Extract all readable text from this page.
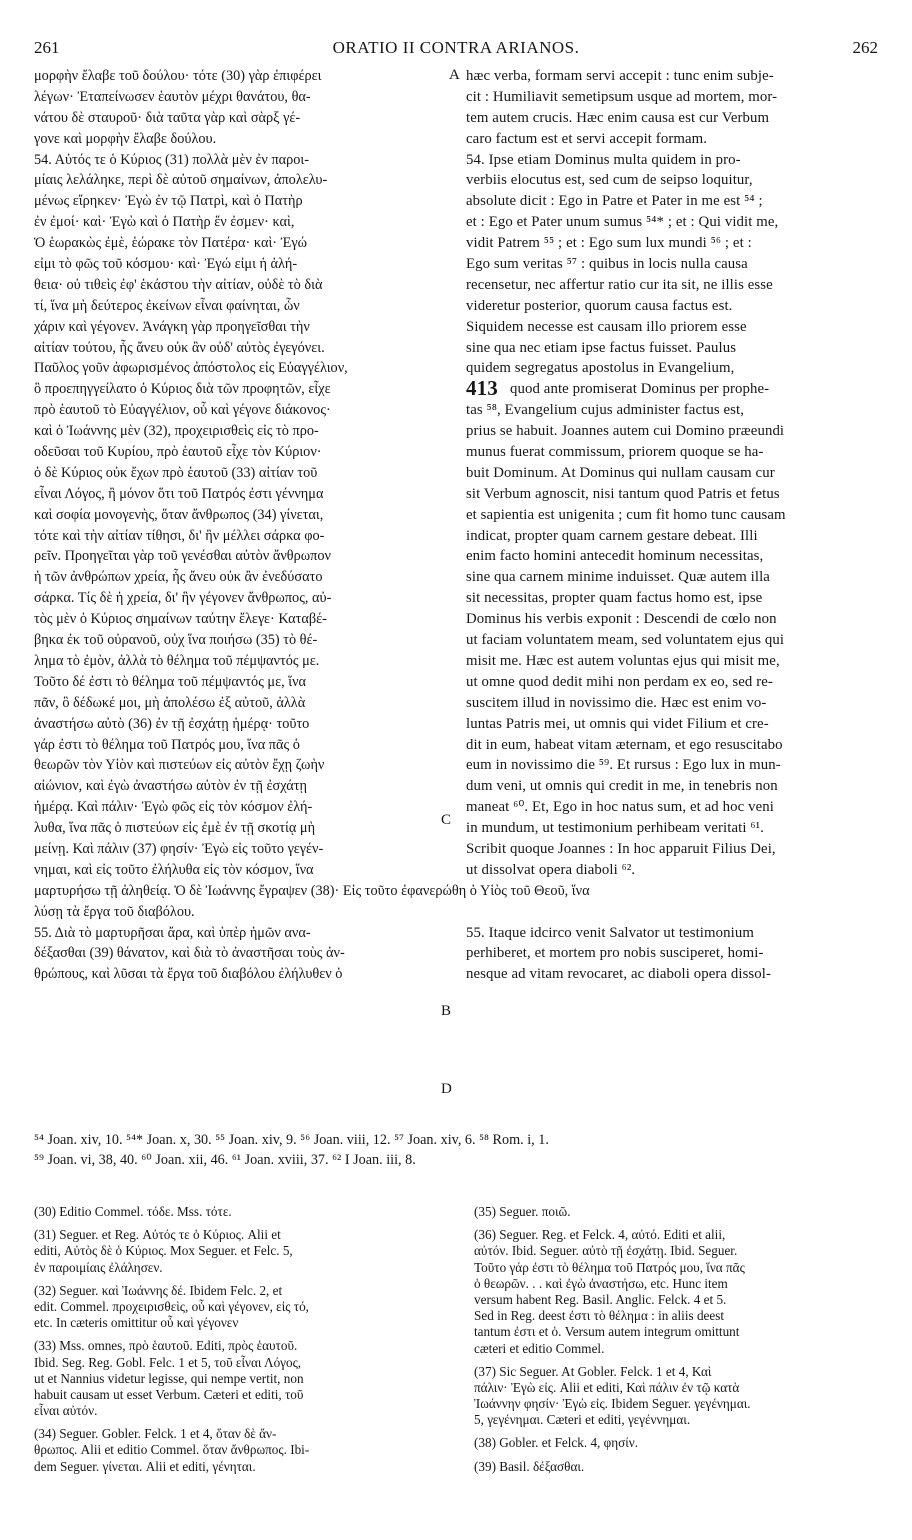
261	ORATIO II CONTRA ARIANOS.	262
μορφὴν ἔλαβε τοῦ δούλου· τότε (30) γὰρ ἐπιφέρει
λέγων· Ἐταπείνωσεν ἑαυτὸν μέχρι θανάτου, θα-
νάτου δὲ σταυροῦ· διὰ ταῦτα γὰρ καὶ σὰρξ γέ-
γονε καὶ μορφὴν ἔλαβε δούλου.
54. Αὐτός τε ὁ Κύριος (31) πολλὰ μὲν ἐν παροι-
μίαις λελάληκε, περὶ δὲ αὐτοῦ σημαίνων, ἀπολελυ-
μένως εἴρηκεν· Ἐγὼ ἐν τῷ Πατρὶ, καὶ ὁ Πατὴρ
ἐν ἐμοί· καὶ· Ἐγὼ καὶ ὁ Πατὴρ ἕν ἐσμεν· καὶ,
Ὁ ἑωρακὼς ἐμὲ, ἑώρακε τὸν Πατέρα· καὶ· Ἐγώ
εἰμι τὸ φῶς τοῦ κόσμου· καὶ· Ἐγώ εἰμι ἡ ἀλή-
θεια· οὐ τιθεὶς ἐφ' ἑκάστου τὴν αἰτίαν, οὐδὲ τὸ διὰ
τί, ἵνα μὴ δεύτερος ἐκείνων εἶναι φαίνηται, ὧν
χάριν καὶ γέγονεν. Ἀνάγκη γὰρ προηγεῖσθαι τὴν
αἰτίαν τούτου, ἧς ἄνευ οὐκ ἂν οὐδ' αὐτὸς ἐγεγόνει.
Παῦλος γοῦν ἀφωρισμένος ἀπόστολος εἰς Εὐαγγέλιον,
ὃ προεπηγγείλατο ὁ Κύριος διὰ τῶν προφητῶν, εἶχε
πρὸ ἑαυτοῦ τὸ Εὐαγγέλιον, οὗ καὶ γέγονε διάκονος·
καὶ ὁ Ἰωάννης μὲν (32), προχειρισθεὶς εἰς τὸ προ-
οδεῦσαι τοῦ Κυρίου, πρὸ ἑαυτοῦ εἶχε τὸν Κύριον·
ὁ δὲ Κύριος οὐκ ἔχων πρὸ ἑαυτοῦ (33) αἰτίαν τοῦ
εἶναι Λόγος, ἢ μόνον ὅτι τοῦ Πατρός ἐστι γέννημα
καὶ σοφία μονογενὴς, ὅταν ἄνθρωπος (34) γίνεται,
τότε καὶ τὴν αἰτίαν τίθησι, δι' ἣν μέλλει σάρκα φο-
ρεῖν. Προηγεῖται γὰρ τοῦ γενέσθαι αὐτὸν ἄνθρωπον
ἡ τῶν ἀνθρώπων χρεία, ἧς ἄνευ οὐκ ἂν ἐνεδύσατο
σάρκα. Τίς δὲ ἡ χρεία, δι' ἣν γέγονεν ἄνθρωπος, αὐ-
τὸς μὲν ὁ Κύριος σημαίνων ταύτην ἔλεγε· Καταβέ-
βηκα ἐκ τοῦ οὐρανοῦ, οὐχ ἵνα ποιήσω (35) τὸ θέ-
λημα τὸ ἐμὸν, ἀλλὰ τὸ θέλημα τοῦ πέμψαντός με.
Τοῦτο δέ ἐστι τὸ θέλημα τοῦ πέμψαντός με, ἵνα
πᾶν, ὃ δέδωκέ μοι, μὴ ἀπολέσω ἐξ αὐτοῦ, ἀλλὰ
ἀναστήσω αὐτὸ (36) ἐν τῇ ἐσχάτῃ ἡμέρᾳ· τοῦτο
γάρ ἐστι τὸ θέλημα τοῦ Πατρός μου, ἵνα πᾶς ὁ
θεωρῶν τὸν Υἱὸν καὶ πιστεύων εἰς αὐτὸν ἔχῃ ζωὴν
αἰώνιον, καὶ ἐγὼ ἀναστήσω αὐτὸν ἐν τῇ ἐσχάτῃ
ἡμέρᾳ. Καὶ πάλιν· Ἐγὼ φῶς εἰς τὸν κόσμον ἐλή-
λυθα, ἵνα πᾶς ὁ πιστεύων εἰς ἐμὲ ἐν τῇ σκοτίᾳ μὴ
μείνῃ. Καὶ πάλιν (37) φησίν· Ἐγὼ εἰς τοῦτο γεγέν-
νημαι, καὶ εἰς τοῦτο ἐλήλυθα εἰς τὸν κόσμον, ἵνα
μαρτυρήσω τῇ ἀληθείᾳ. Ὁ δὲ Ἰωάννης ἔγραψεν (38)· Εἰς τοῦτο ἐφανερώθη ὁ Υἱὸς τοῦ Θεοῦ, ἵνα
λύσῃ τὰ ἔργα τοῦ διαβόλου.
55. Διὰ τὸ μαρτυρῆσαι ἄρα, καὶ ὑπὲρ ἡμῶν ανα-
δέξασθαι (39) θάνατον, καὶ διὰ τὸ ἀναστῆσαι τοὺς ἀν-
θρώπους, καὶ λῦσαι τὰ ἔργα τοῦ διαβόλου ἐλήλυθεν ὁ
hæc verba, formam servi accepit : tunc enim subje-
cit : Humiliavit semetipsum usque ad mortem, mor-
tem autem crucis. Hæc enim causa est cur Verbum
caro factum est et servi accepit formam.
54. Ipse etiam Dominus multa quidem in pro-
verbiis elocutus est, sed cum de seipso loquitur,
absolute dicit : Ego in Patre et Pater in me est ⁵⁴ ;
et : Ego et Pater unum sumus ⁵⁴* ; et : Qui vidit me,
vidit Patrem ⁵⁵ ; et : Ego sum lux mundi ⁵⁶ ; et :
Ego sum veritas ⁵⁷ : quibus in locis nulla causa
recensetur, nec affertur ratio cur ita sit, ne illis esse
videretur posterior, quorum causa factus est.
Siquidem necesse est causam illo priorem esse
sine qua nec etiam ipse factus fuisset. Paulus
quidem segregatus apostolus in Evangelium,
quod ante promiserat Dominus per prophe-
413
tas ⁵⁸, Evangelium cujus administer factus est,
prius se habuit. Joannes autem cui Domino præeundi
munus fuerat commissum, priorem quoque se ha-
buit Dominum. At Dominus qui nullam causam cur
sit Verbum agnoscit, nisi tantum quod Patris et fetus
et sapientia est unigenita ; cum fit homo tunc causam
indicat, propter quam carnem gestare debeat. Illi
enim facto homini antecedit hominum necessitas,
sine qua carnem minime induisset. Quæ autem illa
sit necessitas, propter quam factus homo est, ipse
Dominus his verbis exponit : Descendi de cœlo non
ut faciam voluntatem meam, sed voluntatem ejus qui
misit me. Hæc est autem voluntas ejus qui misit me,
ut omne quod dedit mihi non perdam ex eo, sed re-
suscitem illud in novissimo die. Hæc est enim vo-
luntas Patris mei, ut omnis qui videt Filium et cre-
dit in eum, habeat vitam æternam, et ego resuscitabo
eum in novissimo die ⁵⁹. Et rursus : Ego lux in mun-
dum veni, ut omnis qui credit in me, in tenebris non
maneat ⁶⁰. Et, Ego in hoc natus sum, et ad hoc veni
in mundum, ut testimonium perhibeam veritati ⁶¹.
Scribit quoque Joannes : In hoc apparuit Filius Dei,
ut dissolvat opera diaboli ⁶².

55. Itaque idcirco venit Salvator ut testimonium
perhiberet, et mortem pro nobis susciperet, homi-
nesque ad vitam revocaret, ac diaboli opera dissol-
A
B
C
D
⁵⁴ Joan. xiv, 10. ⁵⁴* Joan. x, 30. ⁵⁵ Joan. xiv, 9. ⁵⁶ Joan. viii, 12. ⁵⁷ Joan. xiv, 6. ⁵⁸ Rom. i, 1.
⁵⁹ Joan. vi, 38, 40. ⁶⁰ Joan. xii, 46. ⁶¹ Joan. xviii, 37. ⁶² I Joan. iii, 8.
(30) Editio Commel. τόδε. Mss. τότε.
(31) Seguer. et Reg. Αὐτός τε ὁ Κύριος. Alii et
editi, Αὐτὸς δὲ ὁ Κύριος. Mox Seguer. et Felc. 5,
ἐν παροιμίαις ἐλάλησεν.
(32) Seguer. καὶ Ἰωάννης δέ. Ibidem Felc. 2, et
edit. Commel. προχειρισθεὶς, οὗ καὶ γέγονεν, εἰς τό,
etc. In cæteris omittitur οὗ καὶ γέγονεν
(33) Mss. omnes, πρὸ ἑαυτοῦ. Editi, πρὸς ἑαυτοῦ.
Ibid. Seg. Reg. Gobl. Felc. 1 et 5, τοῦ εἶναι Λόγος,
ut et Nannius videtur legisse, qui nempe vertit, non
habuit causam ut esset Verbum. Cæteri et editi, τοῦ
εἶναι αὐτόν.
(34) Seguer. Gobler. Felck. 1 et 4, ὅταν δὲ ἄν-
θρωπος. Alii et editio Commel. ὅταν ἄνθρωπος. Ibi-
dem Seguer. γίνεται. Alii et editi, γένηται.
(35) Seguer. ποιῶ.
(36) Seguer. Reg. et Felck. 4, αὐτό. Editi et alii,
αὐτόν. Ibid. Seguer. αὐτὸ τῇ ἐσχάτῃ. Ibid. Seguer.
Τοῦτο γάρ ἐστι τὸ θέλημα τοῦ Πατρός μου, ἵνα πᾶς
ὁ θεωρῶν. . . καὶ ἐγὼ ἀναστήσω, etc. Hunc item
versum habent Reg. Basil. Anglic. Felck. 4 et 5.
Sed in Reg. deest ἐστι τὸ θέλημα : in aliis deest
tantum ἐστι et ὁ. Versum autem integrum omittunt
cæteri et editio Commel.
(37) Sic Seguer. At Gobler. Felck. 1 et 4, Καὶ
πάλιν· Ἐγὼ εἰς. Alii et editi, Καὶ πάλιν ἐν τῷ κατὰ
Ἰωάννην φησίν· Ἐγὼ εἰς. Ibidem Seguer. γεγένημαι.
5, γεγένημαι. Cæteri et editi, γεγέννημαι.
(38) Gobler. et Felck. 4, φησίν.
(39) Basil. δέξασθαι.
